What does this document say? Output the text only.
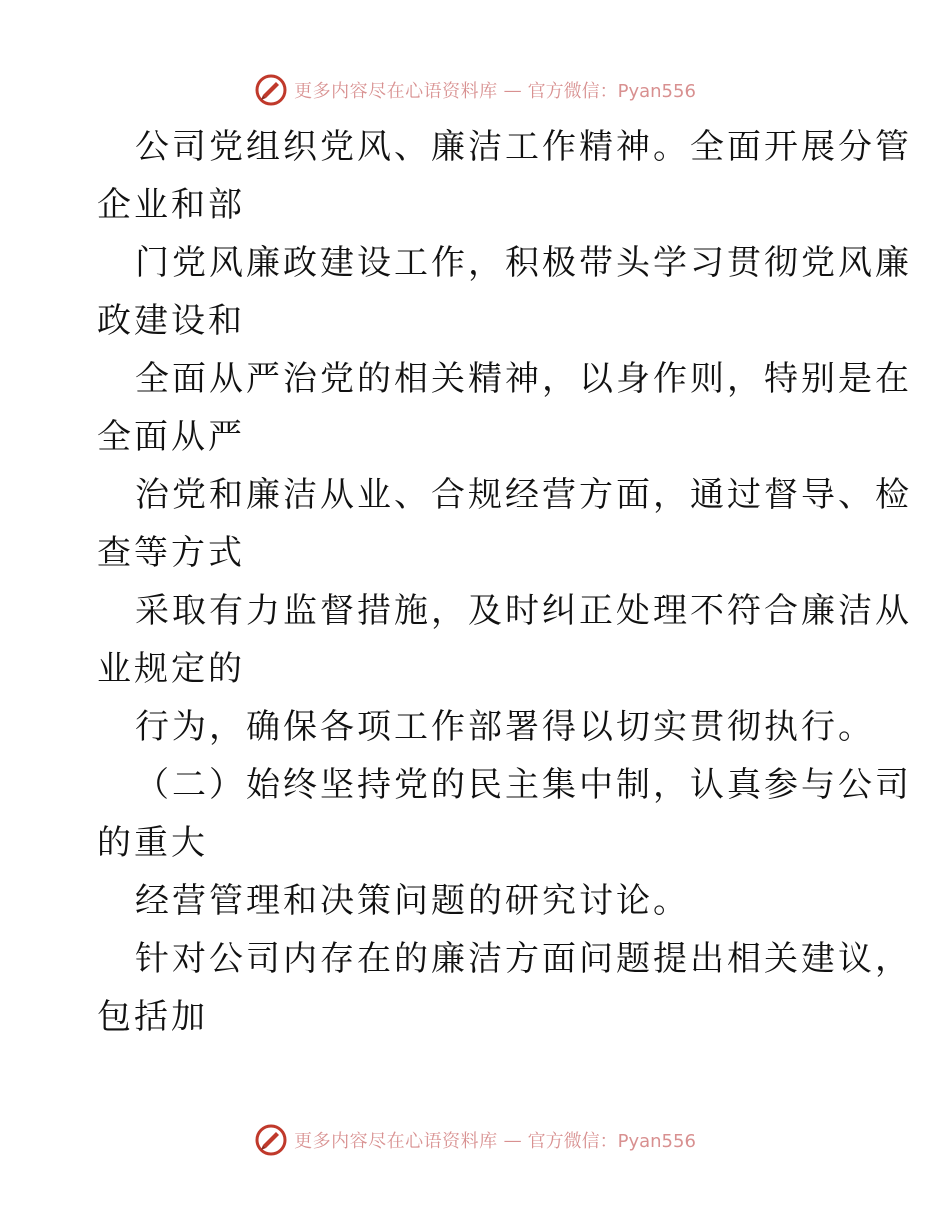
更多内容尽在心语资料库 — 官方微信：Pyan556
公司党组织党风、廉洁工作精神。全面开展分管
企业和部
门党风廉政建设工作，积极带头学习贯彻党风廉
政建设和
全面从严治党的相关精神，以身作则，特别是在
全面从严
治党和廉洁从业、合规经营方面，通过督导、检
查等方式
采取有力监督措施，及时纠正处理不符合廉洁从
业规定的
行为，确保各项工作部署得以切实贯彻执行。
（二）始终坚持党的民主集中制，认真参与公司
的重大
经营管理和决策问题的研究讨论。
针对公司内存在的廉洁方面问题提出相关建议，
包括加
更多内容尽在心语资料库 — 官方微信：Pyan556
